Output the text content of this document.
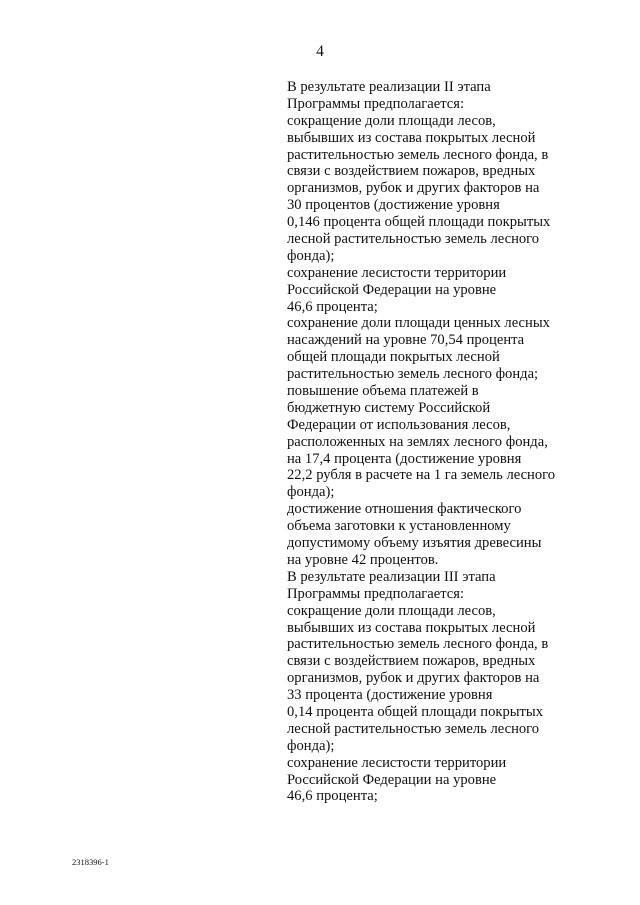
4
В результате реализации II этапа
Программы предполагается:
сокращение доли площади лесов,
выбывших из состава покрытых лесной
растительностью земель лесного фонда, в
связи с воздействием пожаров, вредных
организмов, рубок и других факторов на
30 процентов (достижение уровня
0,146 процента общей площади покрытых
лесной растительностью земель лесного
фонда);
сохранение лесистости территории
Российской Федерации на уровне
46,6 процента;
сохранение доли площади ценных лесных
насаждений на уровне 70,54 процента
общей площади покрытых лесной
растительностью земель лесного фонда;
повышение объема платежей в
бюджетную систему Российской
Федерации от использования лесов,
расположенных на землях лесного фонда,
на 17,4 процента (достижение уровня
22,2 рубля в расчете на 1 га земель лесного
фонда);
достижение отношения фактического
объема заготовки к установленному
допустимому объему изъятия древесины
на уровне 42 процентов.
В результате реализации III этапа
Программы предполагается:
сокращение доли площади лесов,
выбывших из состава покрытых лесной
растительностью земель лесного фонда, в
связи с воздействием пожаров, вредных
организмов, рубок и других факторов на
33 процента (достижение уровня
0,14 процента общей площади покрытых
лесной растительностью земель лесного
фонда);
сохранение лесистости территории
Российской Федерации на уровне
46,6 процента;
2318396-1
